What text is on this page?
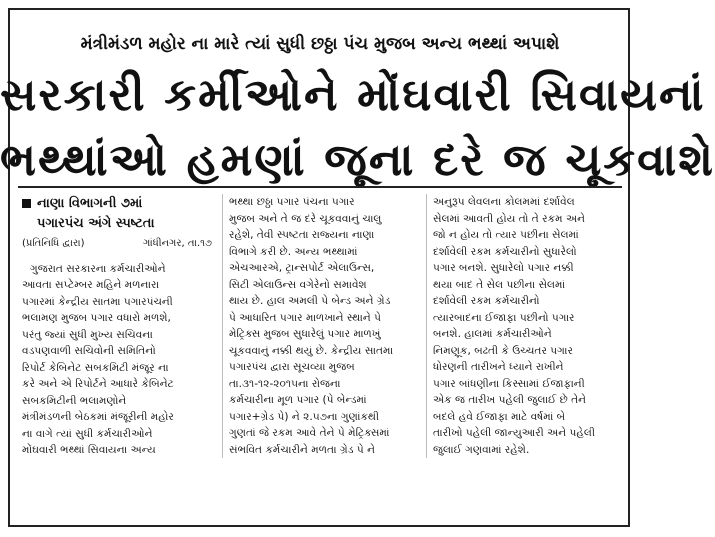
મંત્રીમંડળ મહોર ના મારે ત્યાં સુધી છઠ્ઠા પંચ મુજબ અન્ય ભથ્થાં અપાશે
સરકારી કર્મીઓને મોંઘવારી સિવાયનાં
ભથ્થાંઓ હમણાં જૂના દરે જ ચૂકવાશે
નાણા વિભાગની ૭માં
પગારપંચ અંગે સ્પષ્ટતા
(પ્રતિનિધિ દ્વારા)	ગાંધીનગર, તા.૧૭

ગુજરાત સરકારના કર્મચારીઓને

આવતા સપ્ટેમ્બર મહિને મળનારા

પગારમાં કેન્દ્રીય સાતમા પગારપંચની

ભલામણ મુજબ પગાર વધારો મળશે,

પરંતુ જ્યાં સુધી મુખ્ય સચિવના

વડપણવાળી સચિવોની સમિતિનો

રિપોર્ટ કેબિનેટ સબકમિટી મંજૂર ના

કરે અને એ રિપોર્ટને આધારે કેબિનેટ

સબકમિટીની ભલામણોને

મંત્રીમંડળની બેઠકમાં મંજૂરીની મહોર

ના વાગે ત્યાં સુધી કર્મચારીઓને

મોંઘવારી ભથ્થાં સિવાયના અન્ય

ભથ્થા છઠ્ઠા પગાર પંચના પગાર

મુજબ અને તે જ દરે ચૂકવવાનું ચાલુ

રહેશે, તેવી સ્પષ્ટતા રાજ્યના નાણા

વિભાગે કરી છે. અન્ય ભથ્થામાં

એચઆરએ, ટ્રાન્સપોર્ટ એલાઉન્સ,

સિટી એલાઉન્સ વગેરેનો સમાવેશ

થાય છે. હાલ અમલી પે બેન્ડ અને ગ્રેડ

પે આધારિત પગાર માળખાને સ્થાને પે

મેટ્રિક્સ મુજબ સુધારેલું પગાર માળખું

ચૂકવવાનું નક્કી થયું છે. કેન્દ્રીય સાતમા

પગારપંચ દ્વારા સૂચવ્યા મુજબ

તા.૩૧-૧૨-૨૦૧૫ના રોજના

કર્મચારીના મૂળ પગાર (પે બેન્ડમાં

પગાર+ગ્રેડ પે) ને ૨.૫૭ના ગુણાંકથી

ગુણતાં જે રકમ આવે તેને પે મેટ્રિક્સમાં

સંભવિત કર્મચારીને મળતા ગ્રેડ પે ને

અનુરૂપ લેવલના કોલમમાં દર્શાવેલ

સેલમાં આવતી હોય તો તે રકમ અને

જો ન હોય તો ત્યાર પછીના સેલમાં

દર્શાવેલી રકમ કર્મચારીનો સુધારેલો

પગાર બનશે. સુધારેલો પગાર નક્કી

થયા બાદ તે સેલ પછીના સેલમાં

દર્શાવેલી રકમ કર્મચારીનો

ત્યારબાદના ઈજાફા પછીનો પગાર

બનશે. હાલમાં કર્મચારીઓને

નિમણૂક, બઢતી કે ઉચ્ચતર પગાર

ધોરણની તારીખને ધ્યાને રાખીને

પગાર બાંધણીના કિસ્સામાં ઈજાફાની

એક જ તારીખ પહેલી જુલાઈ છે તેને

બદલે હવે ઈજાફા માટે વર્ષમાં બે

તારીખો પહેલી જાન્યુઆરી અને પહેલી

જુલાઈ ગણવામાં રહેશે.
